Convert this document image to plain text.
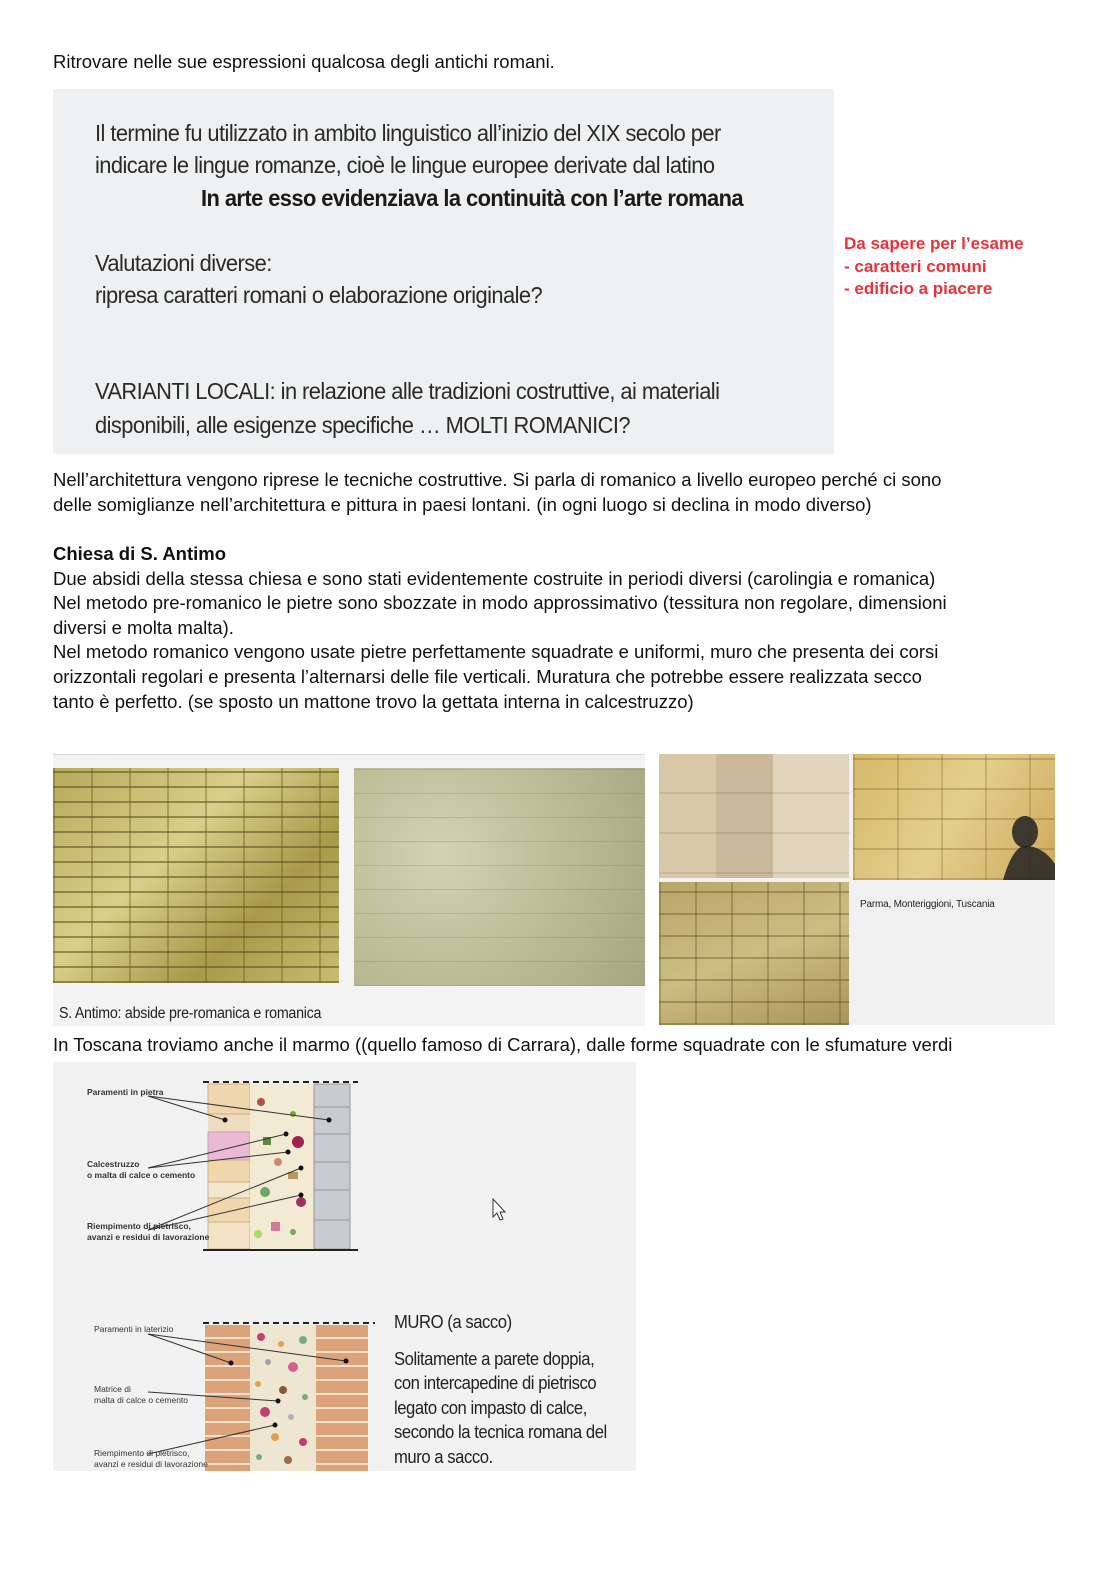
Ritrovare nelle sue espressioni qualcosa degli antichi romani.

Il termine fu utilizzato in ambito linguistico all’inizio del XIX secolo per
indicare le lingue romanze, cioè le lingue europee derivate dal latino
In arte esso evidenziava la continuità con l’arte romana
Valutazioni diverse:
ripresa caratteri romani o elaborazione originale?
VARIANTI LOCALI: in relazione alle tradizioni costruttive, ai materiali
disponibili, alle esigenze specifiche … MOLTI ROMANICI?
Da sapere per l’esame
- caratteri comuni
- edificio a piacere

Nell’architettura vengono riprese le tecniche costruttive. Si parla di romanico a livello europeo perché ci sono

delle somiglianze nell’architettura e pittura in paesi lontani. (in ogni luogo si declina in modo diverso)

Chiesa di S. Antimo

Due absidi della stessa chiesa e sono stati evidentemente costruite in periodi diversi (carolingia e romanica)

Nel metodo pre-romanico le pietre sono sbozzate in modo approssimativo (tessitura non regolare, dimensioni

diversi e molta malta).

Nel metodo romanico vengono usate pietre perfettamente squadrate e uniformi, muro che presenta dei corsi

orizzontali regolari e presenta l’alternarsi delle file verticali. Muratura che potrebbe essere realizzata secco

tanto è perfetto. (se sposto un mattone trovo la gettata interna in calcestruzzo)

S. Antimo: abside pre-romanica e romanica
Parma, Monteriggioni, Tuscania

In Toscana troviamo anche il marmo ((quello famoso di Carrara), dalle forme squadrate con le sfumature verdi

Paramenti in pietra
Calcestruzzo
o malta di calce o cemento
Riempimento di pietrisco,
avanzi e residui di lavorazione
Paramenti in laterizio
Matrice di
malta di calce o cemento
Riempimento di pietrisco,
avanzi e residui di lavorazione
MURO (a sacco)
Solitamente a parete doppia,
con intercapedine di pietrisco
legato con impasto di calce,
secondo la tecnica romana del
muro a sacco.
